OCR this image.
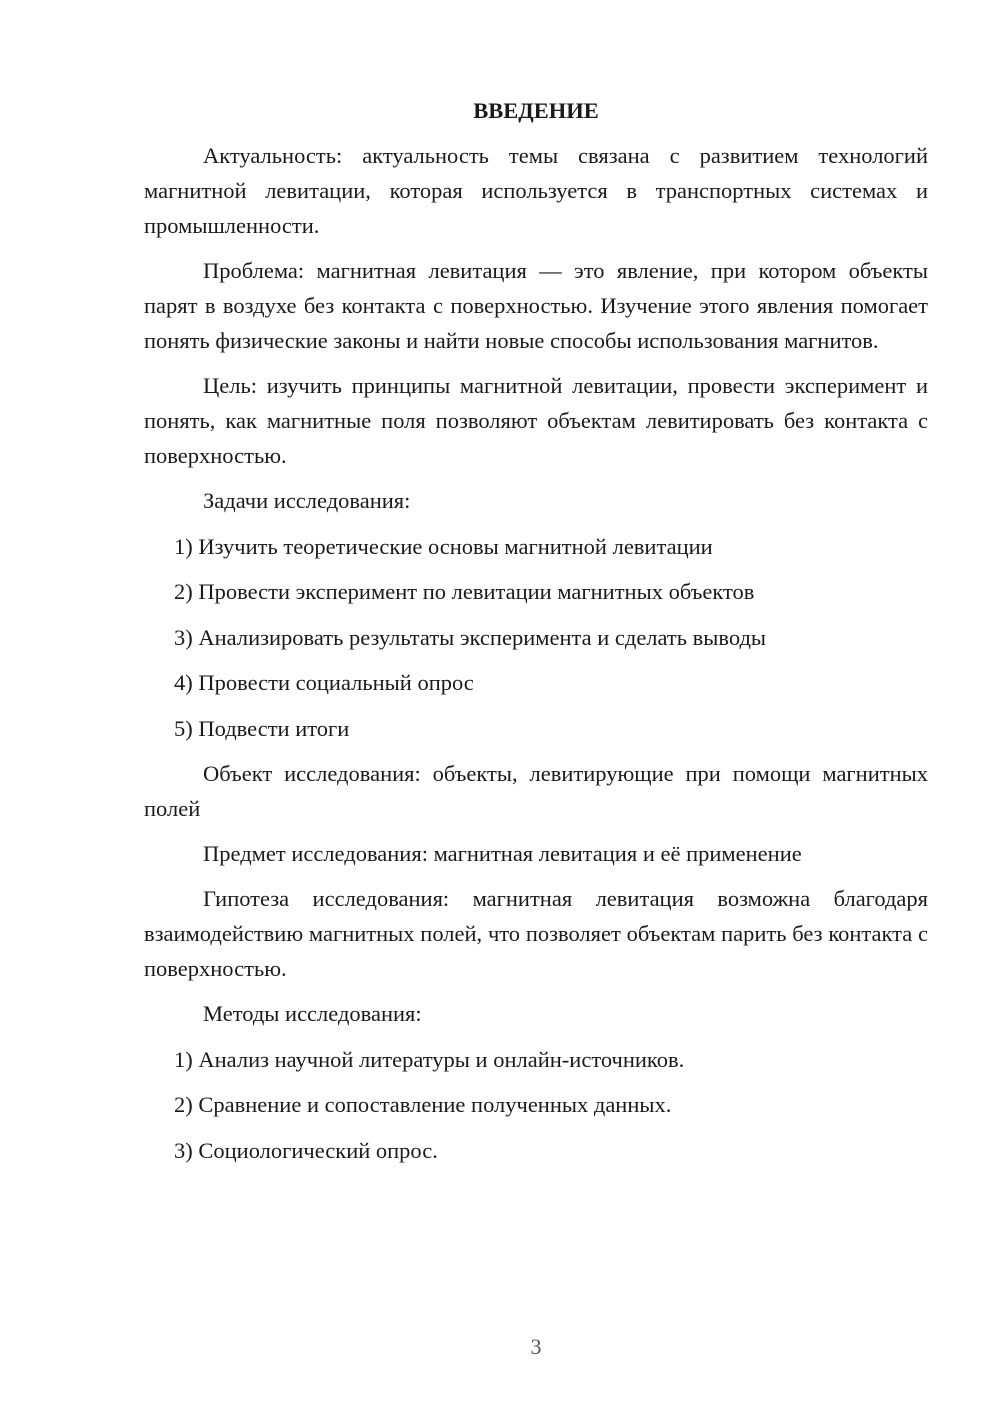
ВВЕДЕНИЕ

Актуальность: актуальность темы связана с развитием технологий магнитной левитации, которая используется в транспортных системах и промышленности.

Проблема: магнитная левитация — это явление, при котором объекты парят в воздухе без контакта с поверхностью. Изучение этого явления помогает понять физические законы и найти новые способы использования магнитов.

Цель: изучить принципы магнитной левитации, провести эксперимент и понять, как магнитные поля позволяют объектам левитировать без контакта с поверхностью.

Задачи исследования:
1) Изучить теоретические основы магнитной левитации
2) Провести эксперимент по левитации магнитных объектов
3) Анализировать результаты эксперимента и сделать выводы
4) Провести социальный опрос
5) Подвести итоги

Объект исследования: объекты, левитирующие при помощи магнитных полей

Предмет исследования: магнитная левитация и её применение

Гипотеза исследования: магнитная левитация возможна благодаря взаимодействию магнитных полей, что позволяет объектам парить без контакта с поверхностью.

Методы исследования:
1) Анализ научной литературы и онлайн-источников.
2) Сравнение и сопоставление полученных данных.
3) Социологический опрос.
3
